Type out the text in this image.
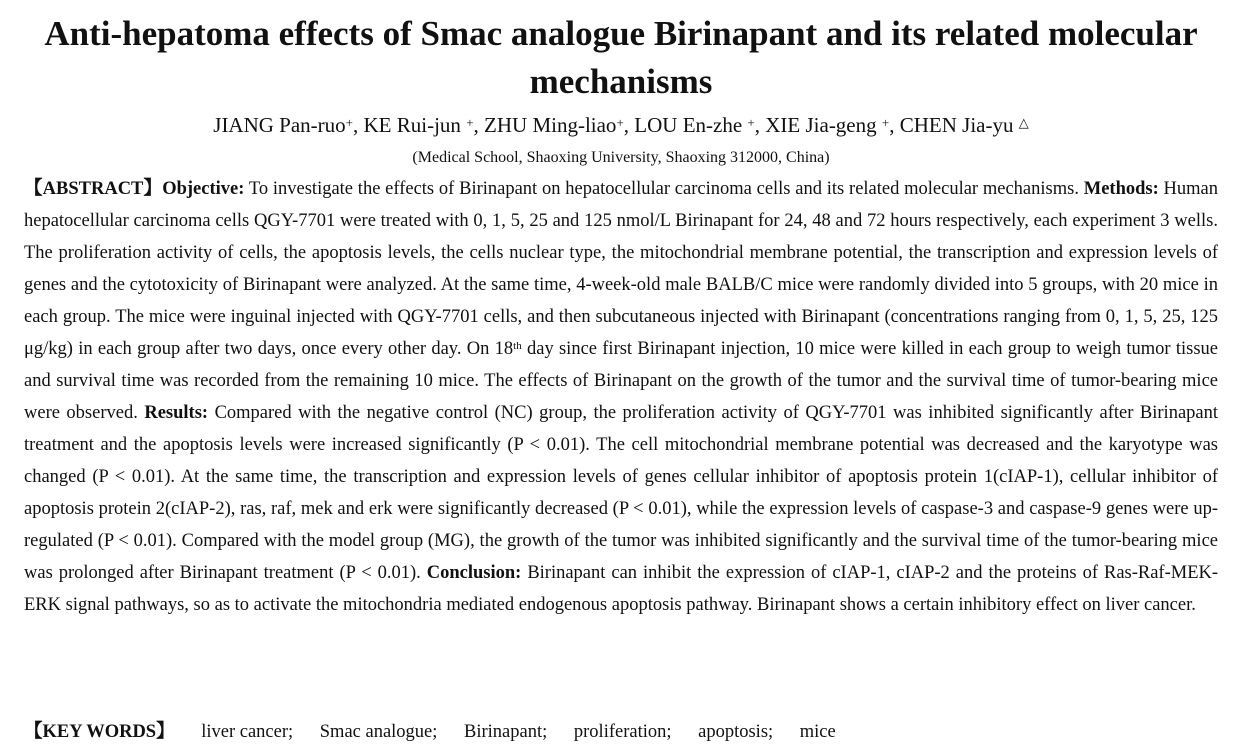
Anti-hepatoma effects of Smac analogue Birinapant and its related molecular mechanisms
JIANG Pan-ruo+, KE Rui-jun +, ZHU Ming-liao+, LOU En-zhe +, XIE Jia-geng +, CHEN Jia-yu △
(Medical School, Shaoxing University, Shaoxing 312000, China)
【ABSTRACT】Objective: To investigate the effects of Birinapant on hepatocellular carcinoma cells and its related molecular mechanisms. Methods: Human hepatocellular carcinoma cells QGY-7701 were treated with 0, 1, 5, 25 and 125 nmol/L Birinapant for 24, 48 and 72 hours respectively, each experiment 3 wells. The proliferation activity of cells, the apoptosis levels, the cells nuclear type, the mitochondrial membrane potential, the transcription and expression levels of genes and the cytotoxicity of Birinapant were analyzed. At the same time, 4-week-old male BALB/C mice were randomly divided into 5 groups, with 20 mice in each group. The mice were inguinal injected with QGY-7701 cells, and then subcutaneous injected with Birinapant (concentrations ranging from 0, 1, 5, 25, 125 μg/kg) in each group after two days, once every other day. On 18th day since first Birinapant injection, 10 mice were killed in each group to weigh tumor tissue and survival time was recorded from the remaining 10 mice. The effects of Birinapant on the growth of the tumor and the survival time of tumor-bearing mice were observed. Results: Compared with the negative control (NC) group, the proliferation activity of QGY-7701 was inhibited significantly after Birinapant treatment and the apoptosis levels were increased significantly (P < 0.01). The cell mitochondrial membrane potential was decreased and the karyotype was changed (P < 0.01). At the same time, the transcription and expression levels of genes cellular inhibitor of apoptosis protein 1(cIAP-1), cellular inhibitor of apoptosis protein 2(cIAP-2), ras, raf, mek and erk were significantly decreased (P < 0.01), while the expression levels of caspase-3 and caspase-9 genes were up-regulated (P < 0.01). Compared with the model group (MG), the growth of the tumor was inhibited significantly and the survival time of the tumor-bearing mice was prolonged after Birinapant treatment (P < 0.01). Conclusion: Birinapant can inhibit the expression of cIAP-1, cIAP-2 and the proteins of Ras-Raf-MEK-ERK signal pathways, so as to activate the mitochondria mediated endogenous apoptosis pathway. Birinapant shows a certain inhibitory effect on liver cancer.
【KEY WORDS】 liver cancer; Smac analogue; Birinapant; proliferation; apoptosis; mice
